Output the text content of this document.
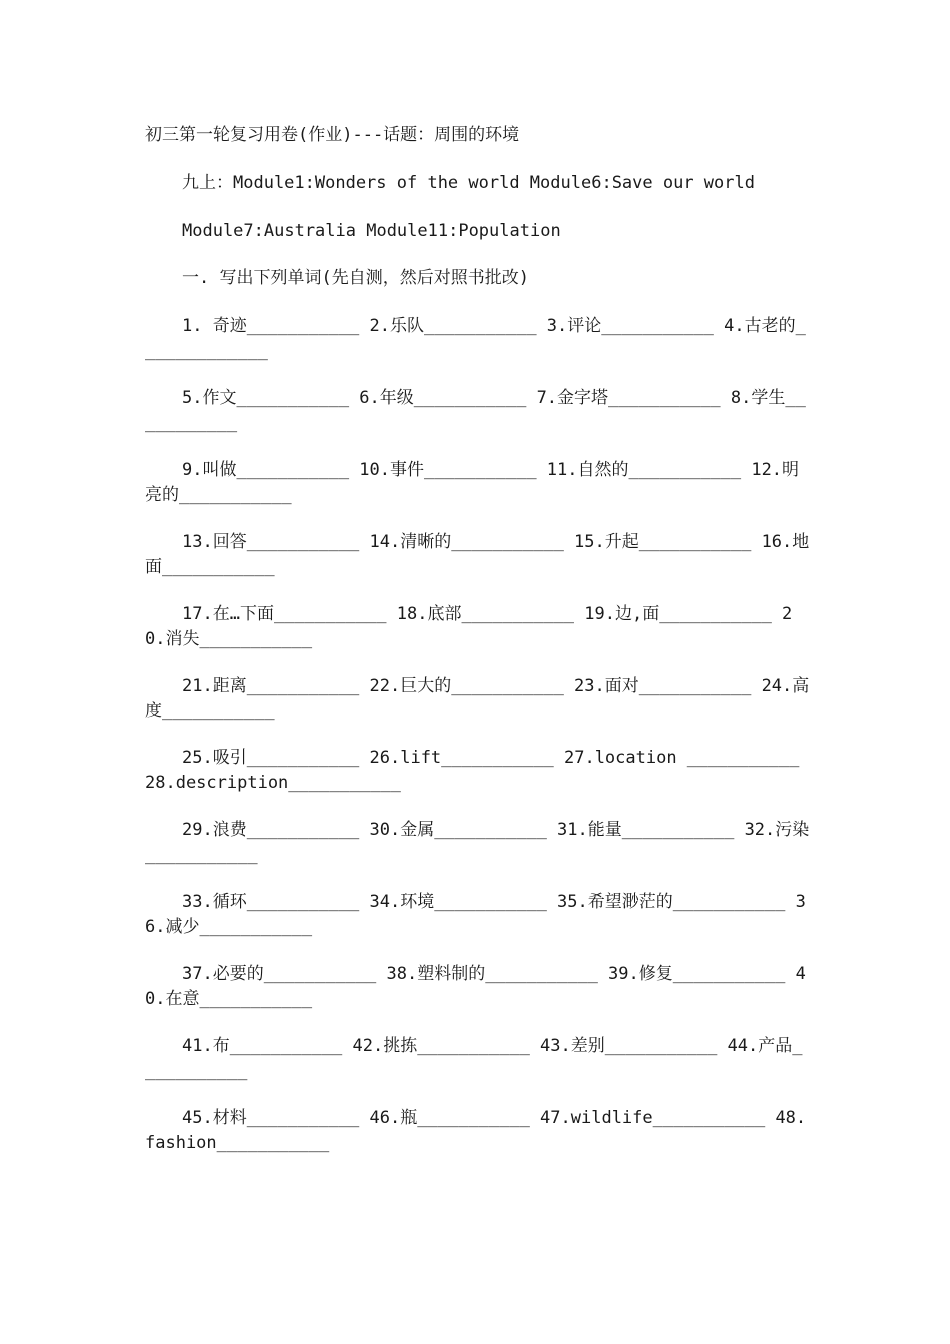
初三第一轮复习用卷(作业)---话题：周围的环境
九上：Module1:Wonders of the world Module6:Save our world
Module7:Australia Module11:Population
一. 写出下列单词(先自测，然后对照书批改)
1. 奇迹___________ 2.乐队___________ 3.评论___________ 4.古老的_____________
5.作文___________ 6.年级___________ 7.金字塔___________ 8.学生___________
9.叫做___________ 10.事件___________ 11.自然的___________ 12.明亮的___________
13.回答___________ 14.清晰的___________ 15.升起___________ 16.地面___________
17.在…下面___________ 18.底部___________ 19.边,面___________ 20.消失___________
21.距离___________ 22.巨大的___________ 23.面对___________ 24.高度___________
25.吸引___________ 26.lift___________ 27.location ___________ 28.description___________
29.浪费___________ 30.金属___________ 31.能量___________ 32.污染___________
33.循环___________ 34.环境___________ 35.希望渺茫的___________ 36.减少___________
37.必要的___________ 38.塑料制的___________ 39.修复___________ 40.在意___________
41.布___________ 42.挑拣___________ 43.差别___________ 44.产品___________
45.材料___________ 46.瓶___________ 47.wildlife___________ 48.fashion___________
